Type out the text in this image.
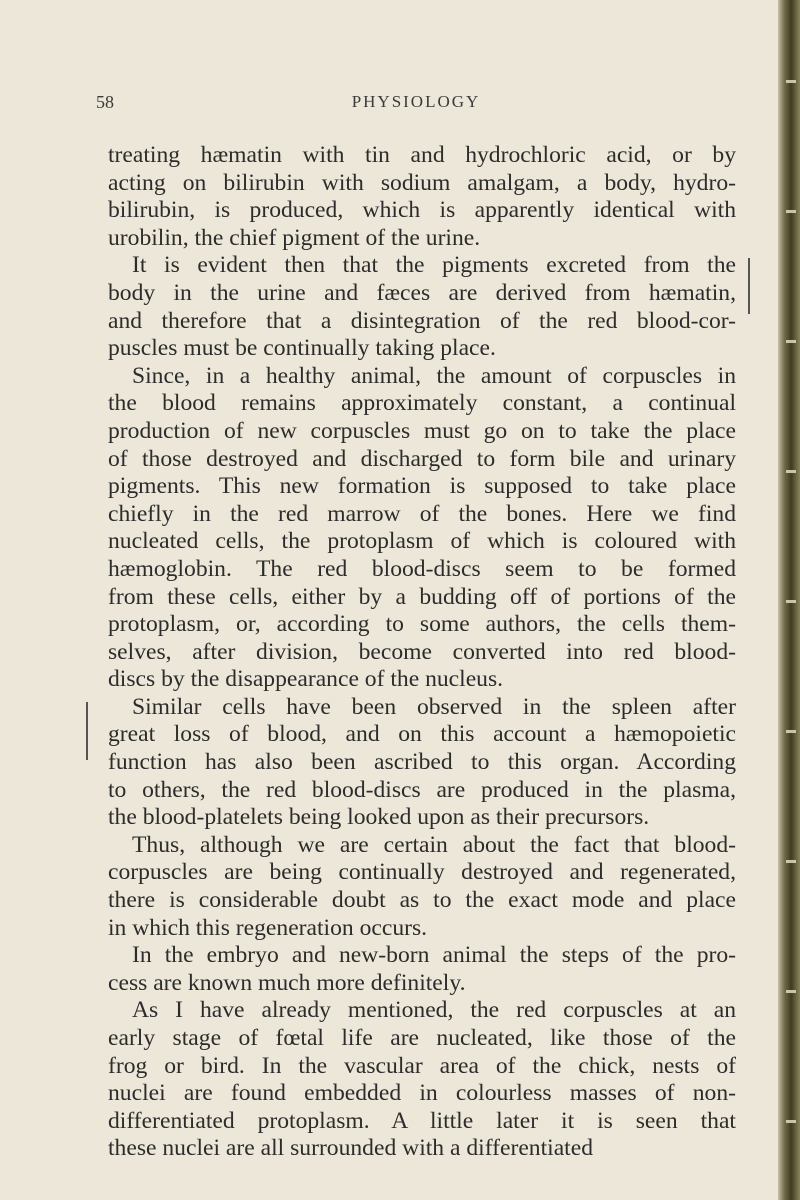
58	PHYSIOLOGY
treating hæmatin with tin and hydrochloric acid, or by
acting on bilirubin with sodium amalgam, a body, hydro-
bilirubin, is produced, which is apparently identical with
urobilin, the chief pigment of the urine.
It is evident then that the pigments excreted from the
body in the urine and fæces are derived from hæmatin,
and therefore that a disintegration of the red blood-cor-
puscles must be continually taking place.
Since, in a healthy animal, the amount of corpuscles in
the blood remains approximately constant, a continual
production of new corpuscles must go on to take the place
of those destroyed and discharged to form bile and urinary
pigments. This new formation is supposed to take place
chiefly in the red marrow of the bones. Here we find
nucleated cells, the protoplasm of which is coloured with
hæmoglobin. The red blood-discs seem to be formed
from these cells, either by a budding off of portions of the
protoplasm, or, according to some authors, the cells them-
selves, after division, become converted into red blood-
discs by the disappearance of the nucleus.
Similar cells have been observed in the spleen after
great loss of blood, and on this account a hæmopoietic
function has also been ascribed to this organ. According
to others, the red blood-discs are produced in the plasma,
the blood-platelets being looked upon as their precursors.
Thus, although we are certain about the fact that blood-
corpuscles are being continually destroyed and regenerated,
there is considerable doubt as to the exact mode and place
in which this regeneration occurs.
In the embryo and new-born animal the steps of the pro-
cess are known much more definitely.
As I have already mentioned, the red corpuscles at an
early stage of fœtal life are nucleated, like those of the
frog or bird. In the vascular area of the chick, nests of
nuclei are found embedded in colourless masses of non-
differentiated protoplasm. A little later it is seen that
these nuclei are all surrounded with a differentiated
